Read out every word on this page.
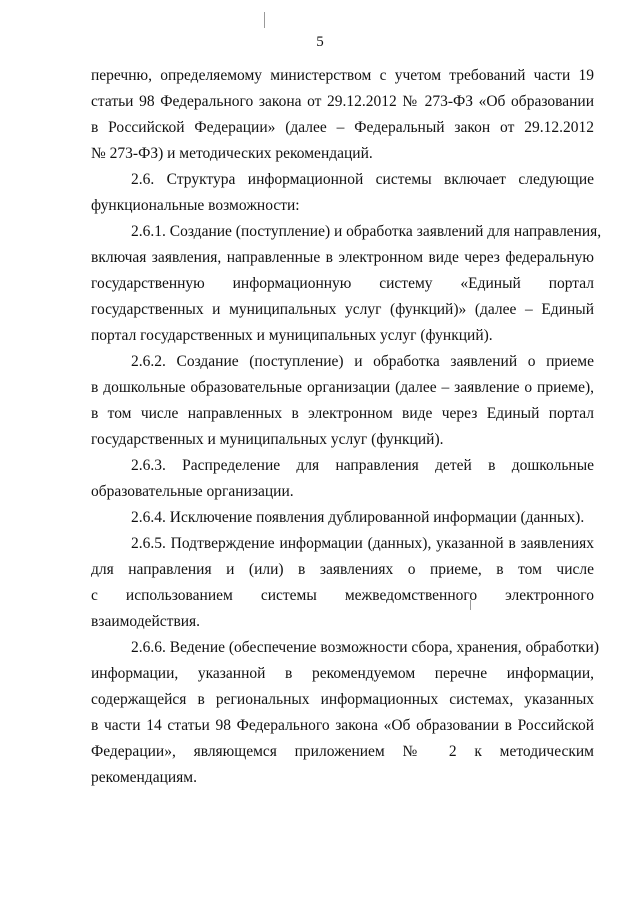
5
перечню, определяемому министерством с учетом требований части 19
статьи 98 Федерального закона от 29.12.2012 № 273-ФЗ «Об образовании
в Российской Федерации» (далее – Федеральный закон от 29.12.2012
№ 273-ФЗ) и методических рекомендаций.
2.6. Структура информационной системы включает следующие
функциональные возможности:
2.6.1. Создание (поступление) и обработка заявлений для направления,
включая заявления, направленные в электронном виде через федеральную
государственную информационную систему «Единый портал
государственных и муниципальных услуг (функций)» (далее – Единый
портал государственных и муниципальных услуг (функций).
2.6.2. Создание (поступление) и обработка заявлений о приеме
в дошкольные образовательные организации (далее – заявление о приеме),
в том числе направленных в электронном виде через Единый портал
государственных и муниципальных услуг (функций).
2.6.3. Распределение для направления детей в дошкольные
образовательные организации.
2.6.4. Исключение появления дублированной информации (данных).
2.6.5. Подтверждение информации (данных), указанной в заявлениях
для направления и (или) в заявлениях о приеме, в том числе
с использованием системы межведомственного электронного
взаимодействия.
2.6.6. Ведение (обеспечение возможности сбора, хранения, обработки)
информации, указанной в рекомендуемом перечне информации,
содержащейся в региональных информационных системах, указанных
в части 14 статьи 98 Федерального закона «Об образовании в Российской
Федерации», являющемся приложением № 2 к методическим
рекомендациям.
